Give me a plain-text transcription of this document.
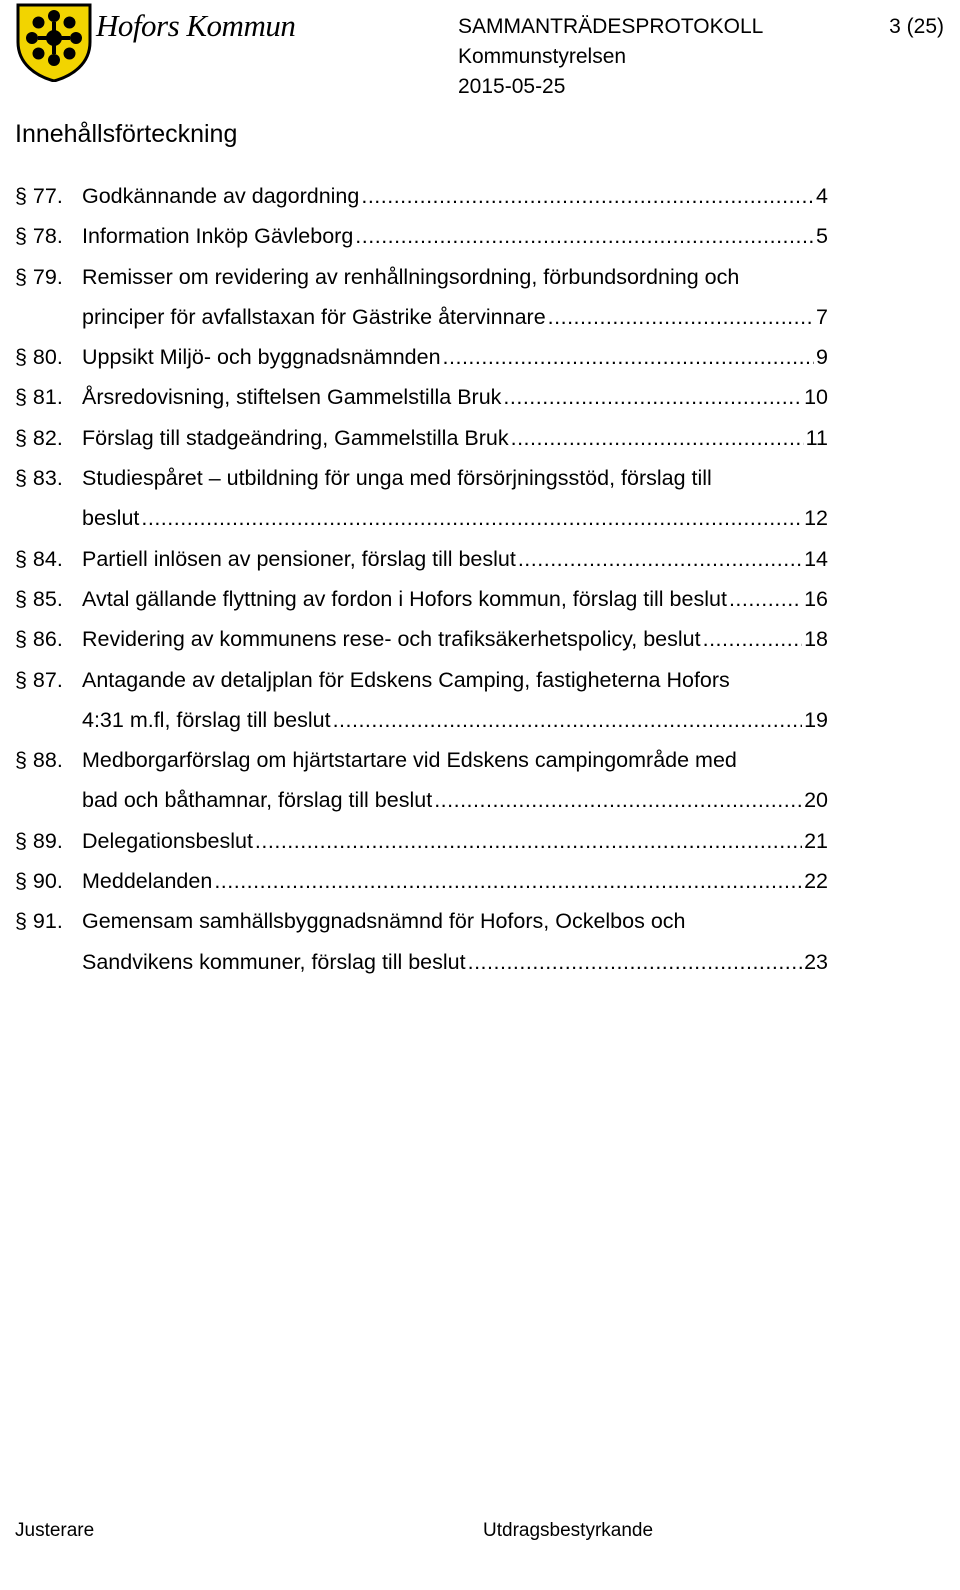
Hofors Kommun	SAMMANTRÄDESPROTOKOLL
Kommunstyrelsen
2015-05-25
3 (25)
Innehållsförteckning
§ 77. Godkännande av dagordning .....	4
§ 78. Information Inköp Gävleborg .....	5
§ 79. Remisser om revidering av renhållningsordning, förbundsordning och
principer för avfallstaxan för Gästrike återvinnare .....	7
§ 80. Uppsikt Miljö- och byggnadsnämnden .....	9
§ 81. Årsredovisning, stiftelsen Gammelstilla Bruk .....	10
§ 82. Förslag till stadgeändring, Gammelstilla Bruk .....	11
§ 83. Studiespåret – utbildning för unga med försörjningsstöd, förslag till
beslut .....	12
§ 84. Partiell inlösen av pensioner, förslag till beslut .....	14
§ 85. Avtal gällande flyttning av fordon i Hofors kommun, förslag till beslut .....	16
§ 86. Revidering av kommunens rese- och trafiksäkerhetspolicy, beslut .....	18
§ 87. Antagande av detaljplan för Edskens Camping, fastigheterna Hofors
4:31 m.fl, förslag till beslut .....	19
§ 88. Medborgarförslag om hjärtstartare vid Edskens campingområde med
bad och båthamnar, förslag till beslut .....	20
§ 89. Delegationsbeslut .....	21
§ 90. Meddelanden .....	22
§ 91. Gemensam samhällsbyggnadsnämnd för Hofors, Ockelbos och
Sandvikens kommuner, förslag till beslut .....	23
Justerare	Utdragsbestyrkande
